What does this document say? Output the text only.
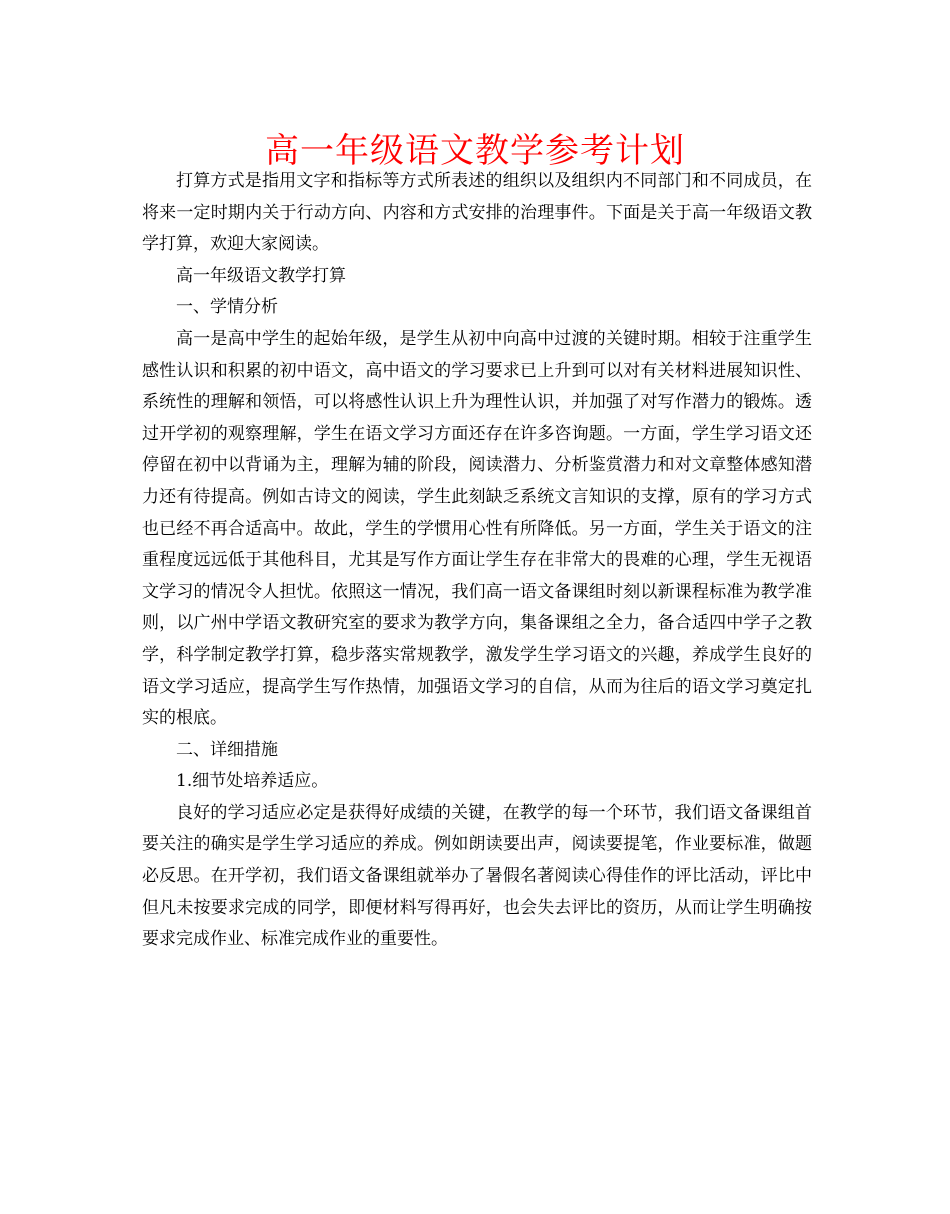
高一年级语文教学参考计划

打算方式是指用文字和指标等方式所表述的组织以及组织内不同部门和不同成员，在将来一定时期内关于行动方向、内容和方式安排的治理事件。下面是关于高一年级语文教学打算，欢迎大家阅读。

高一年级语文教学打算

一、学情分析

高一是高中学生的起始年级，是学生从初中向高中过渡的关键时期。相较于注重学生感性认识和积累的初中语文，高中语文的学习要求已上升到可以对有关材料进展知识性、系统性的理解和领悟，可以将感性认识上升为理性认识，并加强了对写作潜力的锻炼。透过开学初的观察理解，学生在语文学习方面还存在许多咨询题。一方面，学生学习语文还停留在初中以背诵为主，理解为辅的阶段，阅读潜力、分析鉴赏潜力和对文章整体感知潜力还有待提高。例如古诗文的阅读，学生此刻缺乏系统文言知识的支撑，原有的学习方式也已经不再合适高中。故此，学生的学惯用心性有所降低。另一方面，学生关于语文的注重程度远远低于其他科目，尤其是写作方面让学生存在非常大的畏难的心理，学生无视语文学习的情况令人担忧。依照这一情况，我们高一语文备课组时刻以新课程标准为教学准则，以广州中学语文教研究室的要求为教学方向，集备课组之全力，备合适四中学子之教学，科学制定教学打算，稳步落实常规教学，激发学生学习语文的兴趣，养成学生良好的语文学习适应，提高学生写作热情，加强语文学习的自信，从而为往后的语文学习奠定扎实的根底。

二、详细措施

1.细节处培养适应。

良好的学习适应必定是获得好成绩的关键，在教学的每一个环节，我们语文备课组首要关注的确实是学生学习适应的养成。例如朗读要出声，阅读要提笔，作业要标准，做题必反思。在开学初，我们语文备课组就举办了暑假名著阅读心得佳作的评比活动，评比中但凡未按要求完成的同学，即便材料写得再好，也会失去评比的资历，从而让学生明确按要求完成作业、标准完成作业的重要性。
